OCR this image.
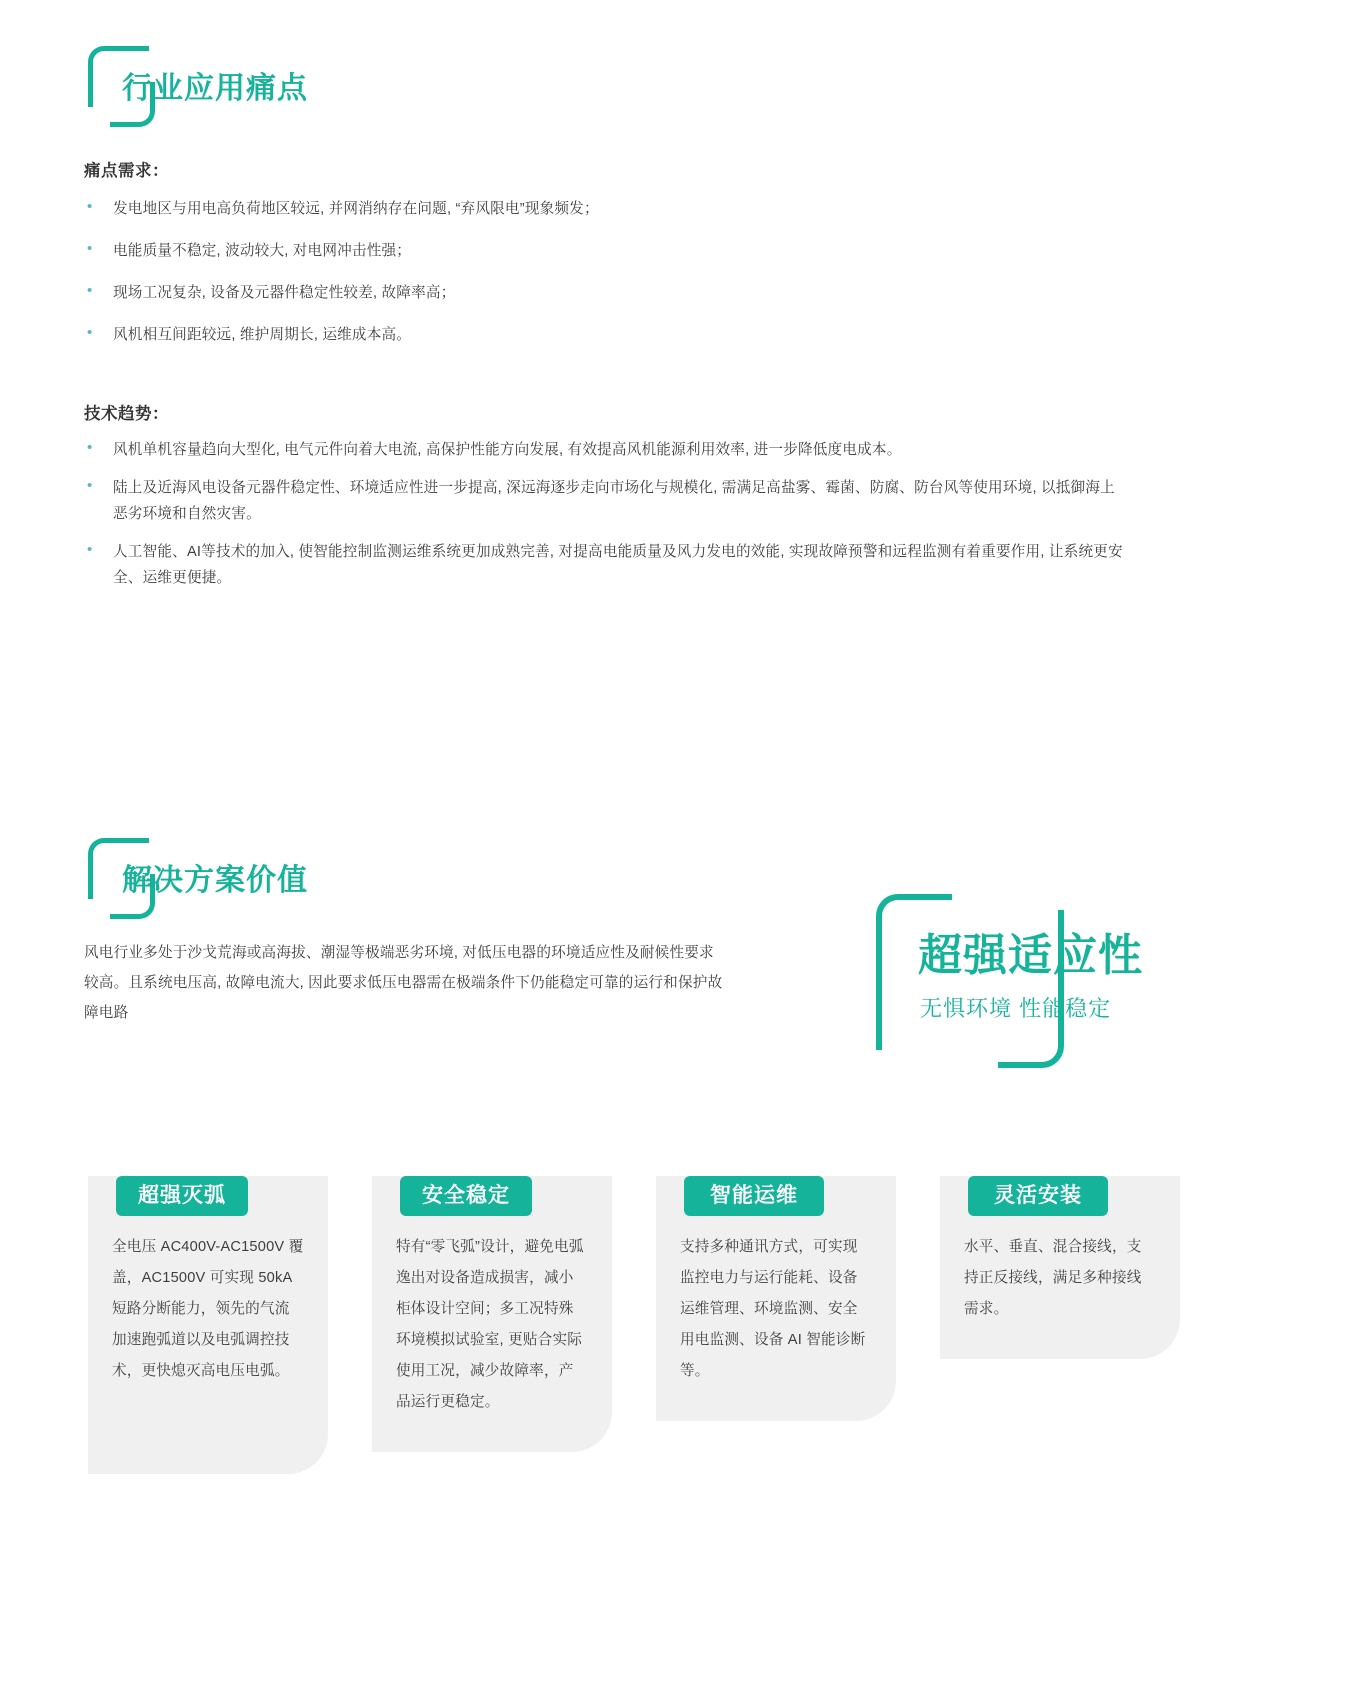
行业应用痛点
痛点需求：
•	发电地区与用电高负荷地区较远, 并网消纳存在问题, “弃风限电”现象频发；
•	电能质量不稳定, 波动较大, 对电网冲击性强；
•	现场工况复杂, 设备及元器件稳定性较差, 故障率高；
•	风机相互间距较远, 维护周期长, 运维成本高。
技术趋势：
•	风机单机容量趋向大型化, 电气元件向着大电流, 高保护性能方向发展, 有效提高风机能源利用效率, 进一步降低度电成本。
•	陆上及近海风电设备元器件稳定性、环境适应性进一步提高, 深远海逐步走向市场化与规模化, 需满足高盐雾、霉菌、防腐、防台风等使用环境, 以抵御海上恶劣环境和自然灾害。
•	人工智能、AI等技术的加入, 使智能控制监测运维系统更加成熟完善, 对提高电能质量及风力发电的效能, 实现故障预警和远程监测有着重要作用, 让系统更安全、运维更便捷。
解决方案价值
风电行业多处于沙戈荒海或高海拔、潮湿等极端恶劣环境, 对低压电器的环境适应性及耐候性要求较高。且系统电压高, 故障电流大, 因此要求低压电器需在极端条件下仍能稳定可靠的运行和保护故障电路
超强适应性
无惧环境 性能稳定
超强灭弧
全电压 AC400V-AC1500V 覆盖，AC1500V 可实现 50kA 短路分断能力，领先的气流加速跑弧道以及电弧调控技术，更快熄灭高电压电弧。
安全稳定
特有“零飞弧”设计，避免电弧逸出对设备造成损害，减小柜体设计空间；多工况特殊环境模拟试验室, 更贴合实际使用工况，减少故障率，产品运行更稳定。
智能运维
支持多种通讯方式，可实现监控电力与运行能耗、设备运维管理、环境监测、安全用电监测、设备 AI 智能诊断等。
灵活安装
水平、垂直、混合接线，支持正反接线，满足多种接线需求。
